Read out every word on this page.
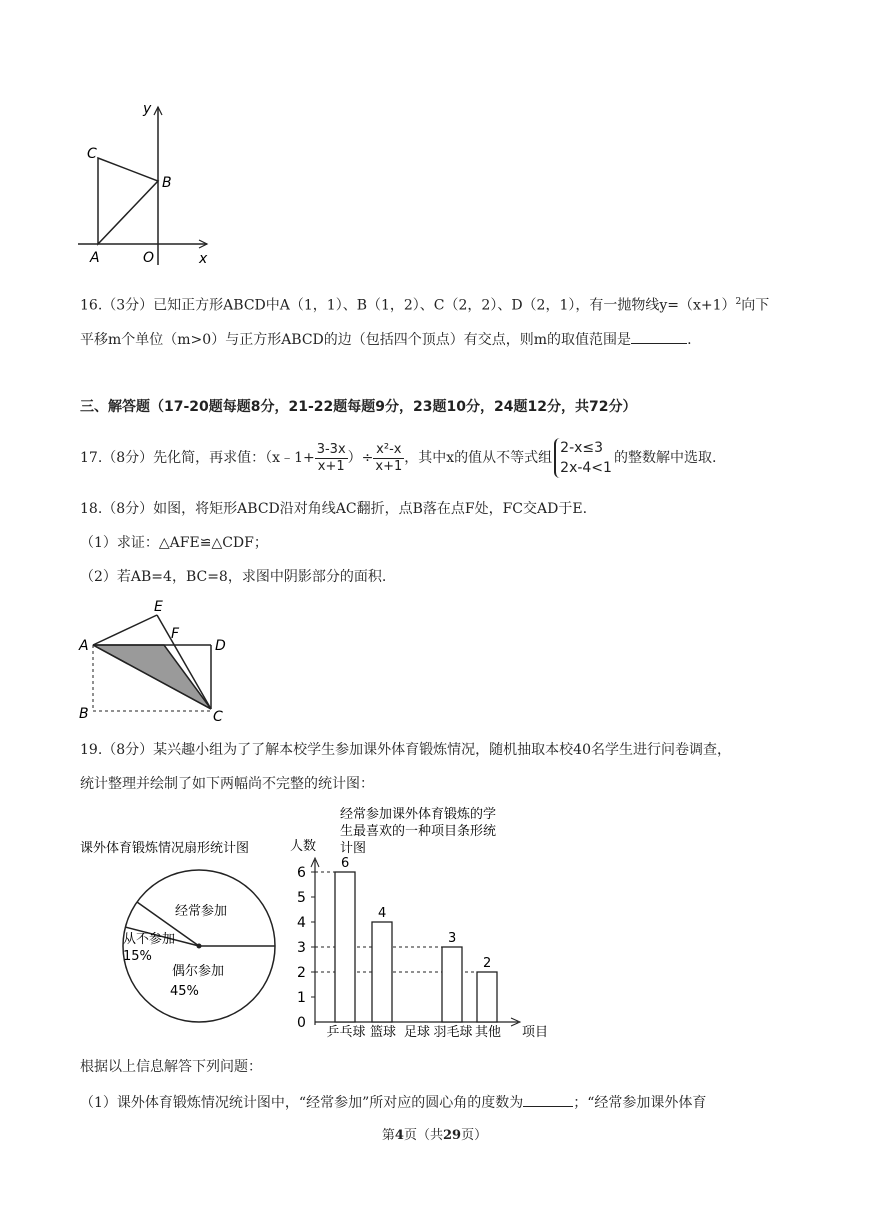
y
x
C
B
A	O
16.（3分）已知正方形ABCD中A（1，1）、B（1，2）、C（2，2）、D（2，1），有一抛物线$y=(x+1)^2$向下
平移m个单位（m>0）与正方形ABCD的边（包括四个顶点）有交点，则m的取值范围是	.
三、解答题（17-20题每题8分，21-22题每题9分，23题10分，24题12分，共72分）
17.（8分）先化简，再求值：（x﹣1+ $\frac{3-3x}{x+1}$ ）÷ $\frac{\text{x²-x}}{x+1}$ ，其中x的值从不等式组
2-x≤3
2x-4<1
的整数解中选取.
18.（8分）如图，将矩形ABCD沿对角线AC翻折，点B落在点F处，FC交AD于E.
（1）求证：△AFE≌△CDF；
（2）若AB=4，BC=8，求图中阴影部分的面积.
E
F
A	D
B	C
19.（8分）某兴趣小组为了了解本校学生参加课外体育锻炼情况，随机抽取本校40名学生进行问卷调查，
统计整理并绘制了如下两幅尚不完整的统计图：
课外体育锻炼情况扇形统计图
经常参加
从不参加
15%
偶尔参加
45%
经常参加课外体育锻炼的学
生最喜欢的一种项目条形统
计图
人数
项目
0
1
2
3
4
5
6
6
乒乓球
4
篮球 足球
3
羽毛球
2
其他
根据以上信息解答下列问题：
（1）课外体育锻炼情况统计图中，“经常参加”所对应的圆心角的度数为	；“经常参加课外体育
第4页（共29页）
